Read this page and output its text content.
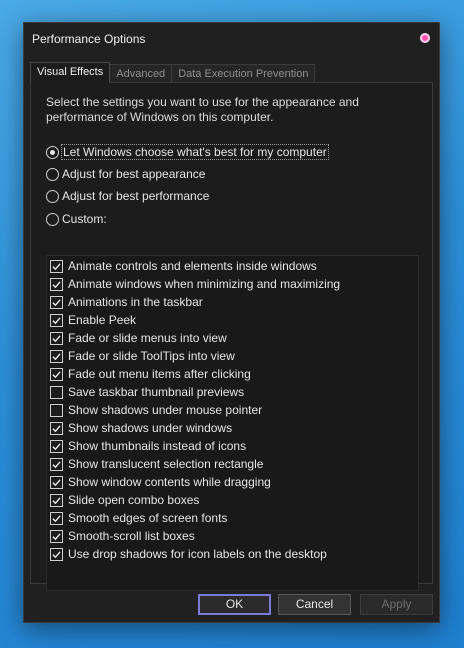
Performance Options
Visual Effects	Advanced	Data Execution Prevention
Select the settings you want to use for the appearance and performance of Windows on this computer.
Let Windows choose what's best for my computer
Adjust for best appearance
Adjust for best performance
Custom:
Animate controls and elements inside windows
Animate windows when minimizing and maximizing
Animations in the taskbar
Enable Peek
Fade or slide menus into view
Fade or slide ToolTips into view
Fade out menu items after clicking
Save taskbar thumbnail previews
Show shadows under mouse pointer
Show shadows under windows
Show thumbnails instead of icons
Show translucent selection rectangle
Show window contents while dragging
Slide open combo boxes
Smooth edges of screen fonts
Smooth-scroll list boxes
Use drop shadows for icon labels on the desktop
OK	Cancel	Apply
